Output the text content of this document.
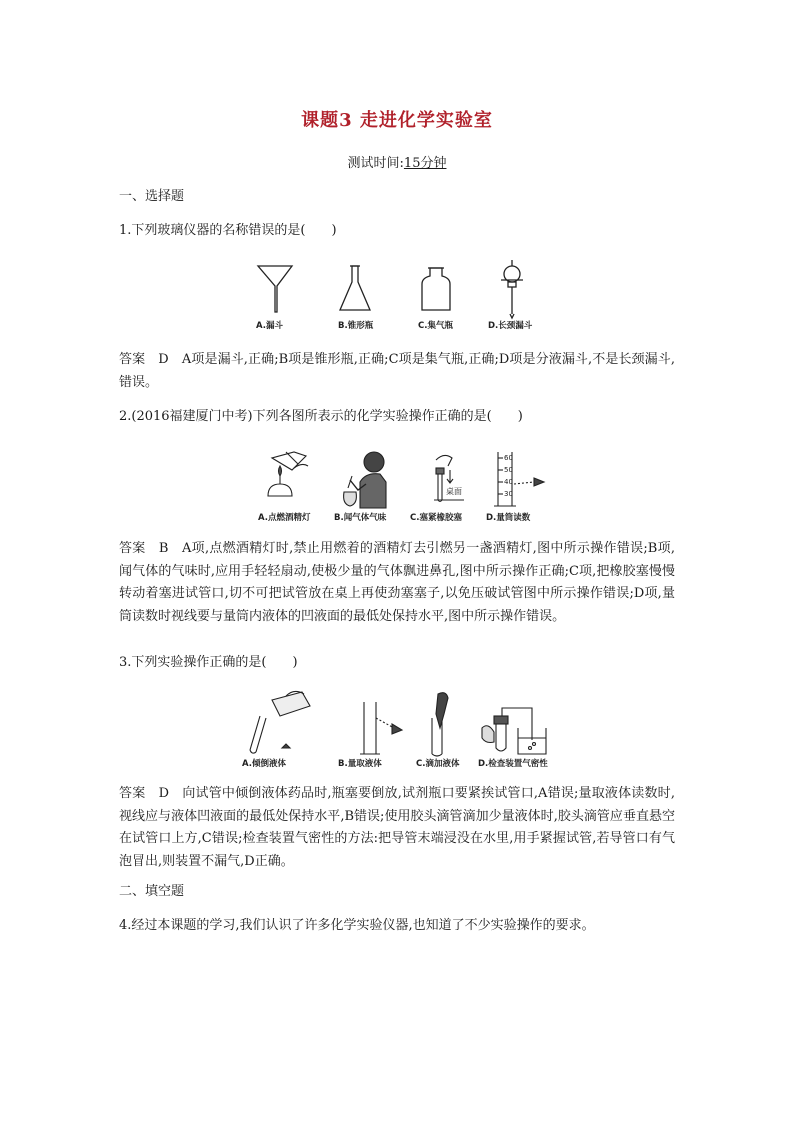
课题3 走进化学实验室
测试时间:15分钟
一、选择题
1.下列玻璃仪器的名称错误的是(　　)
A.漏斗	B.锥形瓶	C.集气瓶	D.长颈漏斗
答案　D　A项是漏斗,正确;B项是锥形瓶,正确;C项是集气瓶,正确;D项是分液漏斗,不是长颈漏斗,错误。
2.(2016福建厦门中考)下列各图所表示的化学实验操作正确的是(　　)
桌面
60
50
40
30
A.点燃酒精灯	B.闻气体气味	C.塞紧橡胶塞	D.量筒读数
答案　B　A项,点燃酒精灯时,禁止用燃着的酒精灯去引燃另一盏酒精灯,图中所示操作错误;B项,闻气体的气味时,应用手轻轻扇动,使极少量的气体飘进鼻孔,图中所示操作正确;C项,把橡胶塞慢慢转动着塞进试管口,切不可把试管放在桌上再使劲塞塞子,以免压破试管图中所示操作错误;D项,量筒读数时视线要与量筒内液体的凹液面的最低处保持水平,图中所示操作错误。
3.下列实验操作正确的是(　　)
A.倾倒液体	B.量取液体	C.滴加液体 D.检查装置气密性
答案　D　向试管中倾倒液体药品时,瓶塞要倒放,试剂瓶口要紧挨试管口,A错误;量取液体读数时,视线应与液体凹液面的最低处保持水平,B错误;使用胶头滴管滴加少量液体时,胶头滴管应垂直悬空在试管口上方,C错误;检查装置气密性的方法:把导管末端浸没在水里,用手紧握试管,若导管口有气泡冒出,则装置不漏气,D正确。
二、填空题
4.经过本课题的学习,我们认识了许多化学实验仪器,也知道了不少实验操作的要求。
